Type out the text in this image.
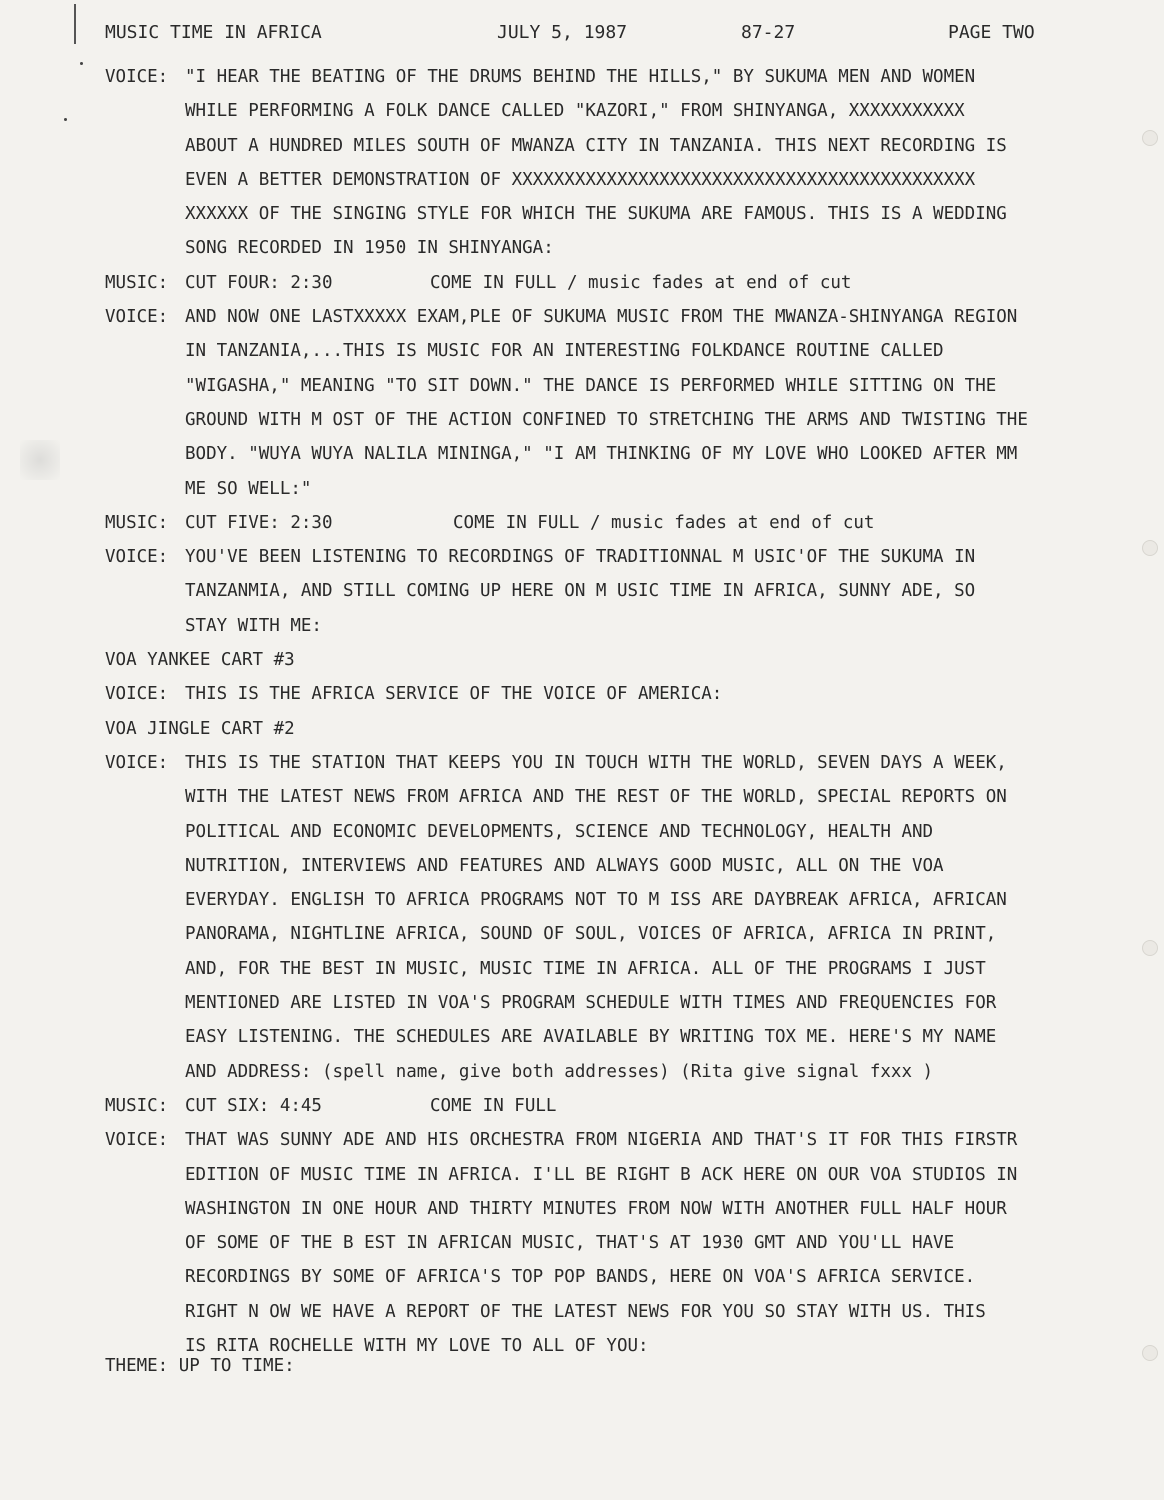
MUSIC TIME IN AFRICA	JULY 5, 1987	87-27	PAGE TWO
VOICE: "I HEAR THE BEATING OF THE DRUMS BEHIND THE HILLS," BY SUKUMA MEN AND WOMEN
WHILE PERFORMING A FOLK DANCE CALLED "KAZORI," FROM SHINYANGA, XXXXXXXXXXX
ABOUT A HUNDRED MILES SOUTH OF MWANZA CITY IN TANZANIA. THIS NEXT RECORDING IS
EVEN A BETTER DEMONSTRATION OF XXXXXXXXXXXXXXXXXXXXXXXXXXXXXXXXXXXXXXXXXXXX
XXXXXX OF THE SINGING STYLE FOR WHICH THE SUKUMA ARE FAMOUS. THIS IS A WEDDING
SONG RECORDED IN 1950 IN SHINYANGA:
MUSIC: CUT FOUR: 2:30	COME IN FULL / music fades at end of cut
VOICE: AND NOW ONE LASTXXXXX EXAM,PLE OF SUKUMA MUSIC FROM THE MWANZA-SHINYANGA REGION
IN TANZANIA,...THIS IS MUSIC FOR AN INTERESTING FOLKDANCE ROUTINE CALLED
"WIGASHA," MEANING "TO SIT DOWN." THE DANCE IS PERFORMED WHILE SITTING ON THE
GROUND WITH M OST OF THE ACTION CONFINED TO STRETCHING THE ARMS AND TWISTING THE
BODY. "WUYA WUYA NALILA MININGA," "I AM THINKING OF MY LOVE WHO LOOKED AFTER MM
ME SO WELL:"
MUSIC: CUT FIVE: 2:30	COME IN FULL / music fades at end of cut
VOICE: YOU'VE BEEN LISTENING TO RECORDINGS OF TRADITIONNAL M USIC'OF THE SUKUMA IN
TANZANMIA, AND STILL COMING UP HERE ON M USIC TIME IN AFRICA, SUNNY ADE, SO
STAY WITH ME:
VOA YANKEE CART #3
VOICE: THIS IS THE AFRICA SERVICE OF THE VOICE OF AMERICA:
VOA JINGLE CART #2
VOICE: THIS IS THE STATION THAT KEEPS YOU IN TOUCH WITH THE WORLD, SEVEN DAYS A WEEK,
WITH THE LATEST NEWS FROM AFRICA AND THE REST OF THE WORLD, SPECIAL REPORTS ON
POLITICAL AND ECONOMIC DEVELOPMENTS, SCIENCE AND TECHNOLOGY, HEALTH AND
NUTRITION, INTERVIEWS AND FEATURES AND ALWAYS GOOD MUSIC, ALL ON THE VOA
EVERYDAY. ENGLISH TO AFRICA PROGRAMS NOT TO M ISS ARE DAYBREAK AFRICA, AFRICAN
PANORAMA, NIGHTLINE AFRICA, SOUND OF SOUL, VOICES OF AFRICA, AFRICA IN PRINT,
AND, FOR THE BEST IN MUSIC, MUSIC TIME IN AFRICA. ALL OF THE PROGRAMS I JUST
MENTIONED ARE LISTED IN VOA'S PROGRAM SCHEDULE WITH TIMES AND FREQUENCIES FOR
EASY LISTENING. THE SCHEDULES ARE AVAILABLE BY WRITING TOX ME. HERE'S MY NAME
AND ADDRESS: (spell name, give both addresses) (Rita give signal fxxx )
MUSIC: CUT SIX: 4:45	COME IN FULL
VOICE: THAT WAS SUNNY ADE AND HIS ORCHESTRA FROM NIGERIA AND THAT'S IT FOR THIS FIRSTR
EDITION OF MUSIC TIME IN AFRICA. I'LL BE RIGHT B ACK HERE ON OUR VOA STUDIOS IN
WASHINGTON IN ONE HOUR AND THIRTY MINUTES FROM NOW WITH ANOTHER FULL HALF HOUR
OF SOME OF THE B EST IN AFRICAN MUSIC, THAT'S AT 1930 GMT AND YOU'LL HAVE
RECORDINGS BY SOME OF AFRICA'S TOP POP BANDS, HERE ON VOA'S AFRICA SERVICE.
RIGHT N OW WE HAVE A REPORT OF THE LATEST NEWS FOR YOU SO STAY WITH US. THIS
IS RITA ROCHELLE WITH MY LOVE TO ALL OF YOU:
THEME: UP TO TIME:
